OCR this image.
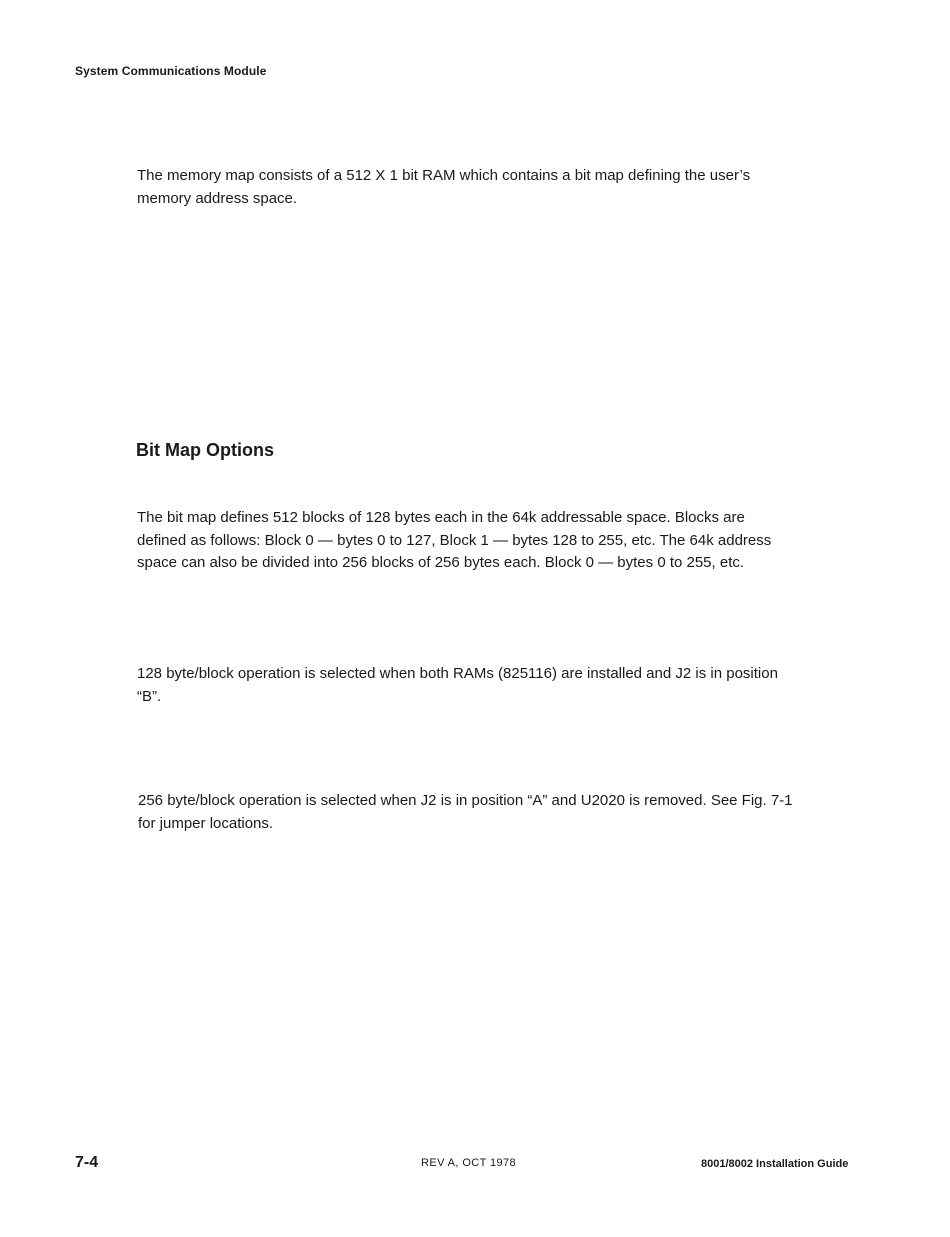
System Communications Module

The memory map consists of a 512 X 1 bit RAM which contains a bit map defining the user’s memory address space.

Bit Map Options

The bit map defines 512 blocks of 128 bytes each in the 64k addressable space. Blocks are defined as follows: Block 0 — bytes 0 to 127, Block 1 — bytes 128 to 255, etc. The 64k address space can also be divided into 256 blocks of 256 bytes each. Block 0 — bytes 0 to 255, etc.

128 byte/block operation is selected when both RAMs (825116) are installed and J2 is in position “B”.

256 byte/block operation is selected when J2 is in position “A” and U2020 is removed. See Fig. 7-1 for jumper locations.

7-4	REV A, OCT 1978	8001/8002 Installation Guide
